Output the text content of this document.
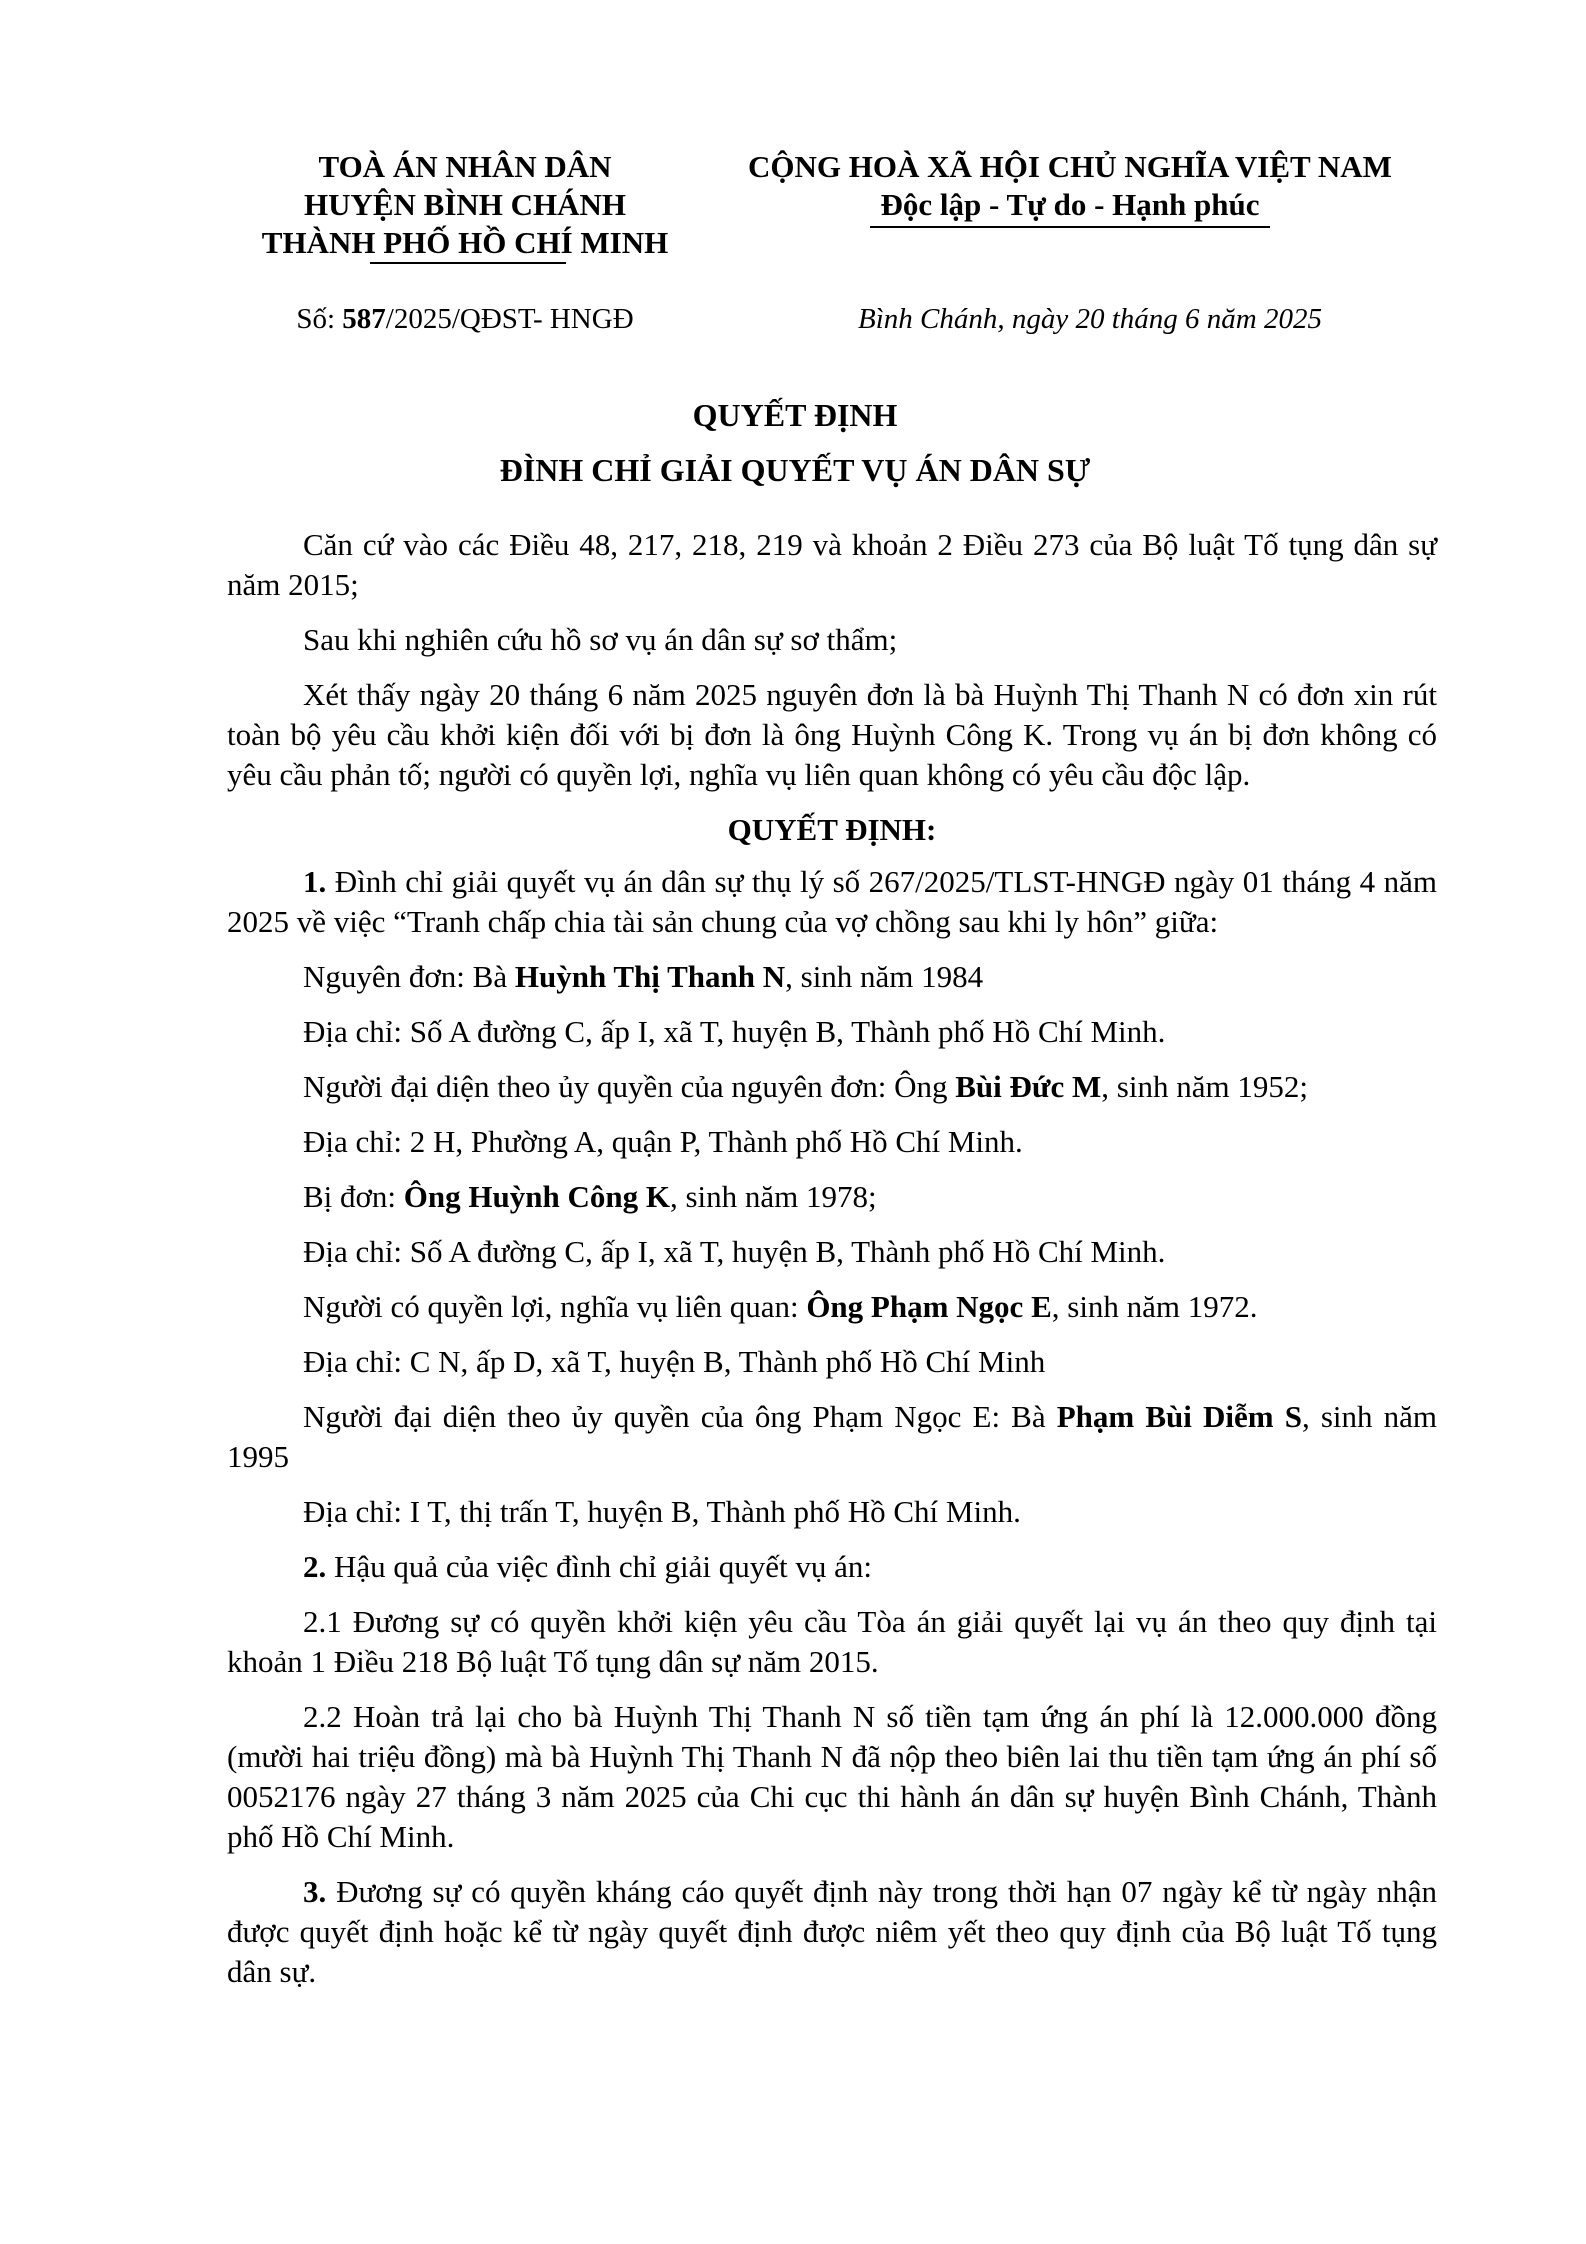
TOÀ ÁN NHÂN DÂN
HUYỆN BÌNH CHÁNH
THÀNH PHỐ HỒ CHÍ MINH
CỘNG HOÀ XÃ HỘI CHỦ NGHĨA VIỆT NAM
Độc lập - Tự do - Hạnh phúc
Số: 587/2025/QĐST- HNGĐ	Bình Chánh, ngày 20 tháng 6 năm 2025
QUYẾT ĐỊNH
ĐÌNH CHỈ GIẢI QUYẾT VỤ ÁN DÂN SỰ

Căn cứ vào các Điều 48, 217, 218, 219 và khoản 2 Điều 273 của Bộ luật Tố tụng dân sự năm 2015;

Sau khi nghiên cứu hồ sơ vụ án dân sự sơ thẩm;

Xét thấy ngày 20 tháng 6 năm 2025 nguyên đơn là bà Huỳnh Thị Thanh N có đơn xin rút toàn bộ yêu cầu khởi kiện đối với bị đơn là ông Huỳnh Công K. Trong vụ án bị đơn không có yêu cầu phản tố; người có quyền lợi, nghĩa vụ liên quan không có yêu cầu độc lập.

QUYẾT ĐỊNH:

1. Đình chỉ giải quyết vụ án dân sự thụ lý số 267/2025/TLST-HNGĐ ngày 01 tháng 4 năm 2025 về việc “Tranh chấp chia tài sản chung của vợ chồng sau khi ly hôn” giữa:

Nguyên đơn: Bà Huỳnh Thị Thanh N, sinh năm 1984

Địa chỉ: Số A đường C, ấp I, xã T, huyện B, Thành phố Hồ Chí Minh.

Người đại diện theo ủy quyền của nguyên đơn: Ông Bùi Đức M, sinh năm 1952;

Địa chỉ: 2 H, Phường A, quận P, Thành phố Hồ Chí Minh.

Bị đơn: Ông Huỳnh Công K, sinh năm 1978;

Địa chỉ: Số A đường C, ấp I, xã T, huyện B, Thành phố Hồ Chí Minh.

Người có quyền lợi, nghĩa vụ liên quan: Ông Phạm Ngọc E, sinh năm 1972.

Địa chỉ: C N, ấp D, xã T, huyện B, Thành phố Hồ Chí Minh

Người đại diện theo ủy quyền của ông Phạm Ngọc E: Bà Phạm Bùi Diễm S, sinh năm 1995

Địa chỉ: I T, thị trấn T, huyện B, Thành phố Hồ Chí Minh.

2. Hậu quả của việc đình chỉ giải quyết vụ án:

2.1 Đương sự có quyền khởi kiện yêu cầu Tòa án giải quyết lại vụ án theo quy định tại khoản 1 Điều 218 Bộ luật Tố tụng dân sự năm 2015.

2.2 Hoàn trả lại cho bà Huỳnh Thị Thanh N số tiền tạm ứng án phí là 12.000.000 đồng (mười hai triệu đồng) mà bà Huỳnh Thị Thanh N đã nộp theo biên lai thu tiền tạm ứng án phí số 0052176 ngày 27 tháng 3 năm 2025 của Chi cục thi hành án dân sự huyện Bình Chánh, Thành phố Hồ Chí Minh.

3. Đương sự có quyền kháng cáo quyết định này trong thời hạn 07 ngày kể từ ngày nhận được quyết định hoặc kể từ ngày quyết định được niêm yết theo quy định của Bộ luật Tố tụng dân sự.
